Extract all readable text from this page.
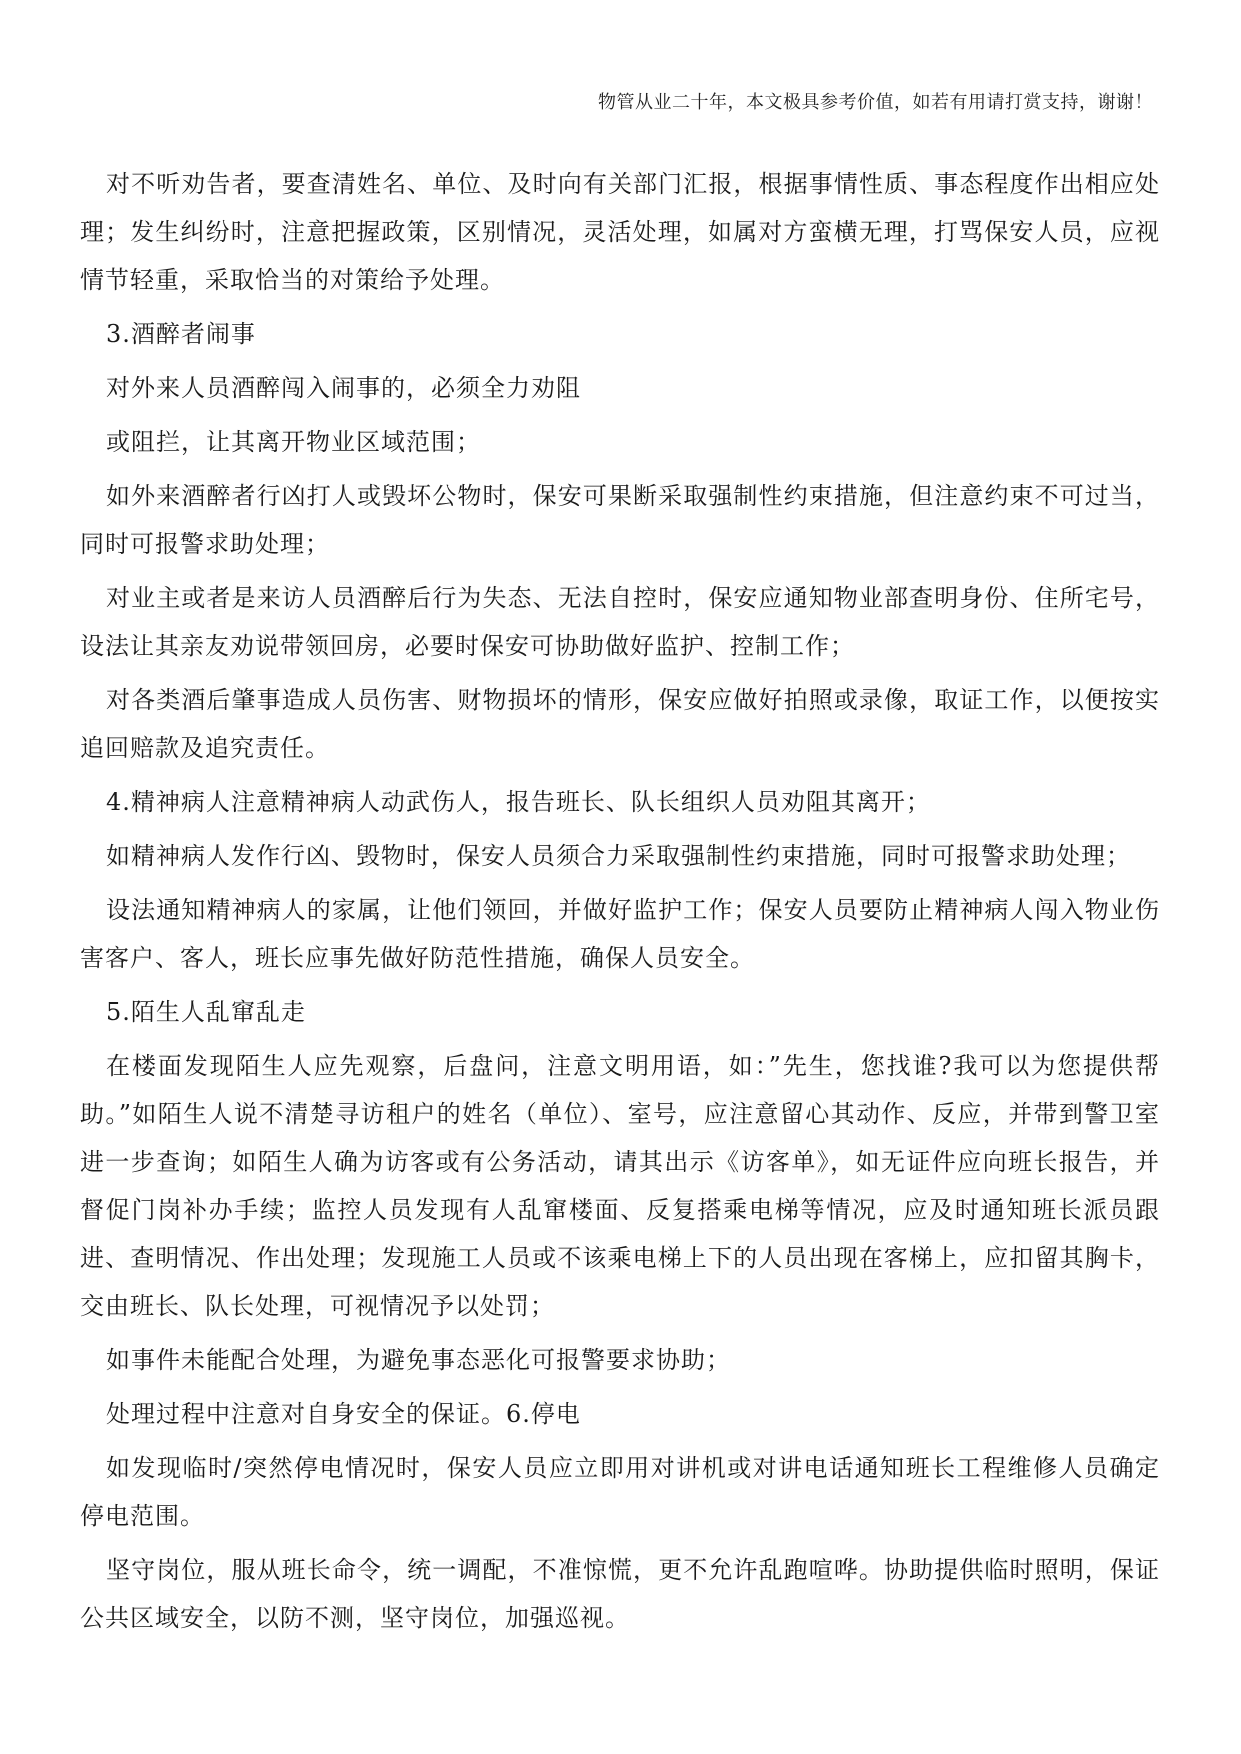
物管从业二十年，本文极具参考价值，如若有用请打赏支持，谢谢！

对不听劝告者，要查清姓名、单位、及时向有关部门汇报，根据事情性质、事态程度作出相应处理；发生纠纷时，注意把握政策，区别情况，灵活处理，如属对方蛮横无理，打骂保安人员，应视情节轻重，采取恰当的对策给予处理。

3.酒醉者闹事

对外来人员酒醉闯入闹事的，必须全力劝阻

或阻拦，让其离开物业区域范围；

如外来酒醉者行凶打人或毁坏公物时，保安可果断采取强制性约束措施，但注意约束不可过当，同时可报警求助处理；

对业主或者是来访人员酒醉后行为失态、无法自控时，保安应通知物业部查明身份、住所宅号，设法让其亲友劝说带领回房，必要时保安可协助做好监护、控制工作；

对各类酒后肇事造成人员伤害、财物损坏的情形，保安应做好拍照或录像，取证工作，以便按实追回赔款及追究责任。

4.精神病人注意精神病人动武伤人，报告班长、队长组织人员劝阻其离开；

如精神病人发作行凶、毁物时，保安人员须合力采取强制性约束措施，同时可报警求助处理；

设法通知精神病人的家属，让他们领回，并做好监护工作；保安人员要防止精神病人闯入物业伤害客户、客人，班长应事先做好防范性措施，确保人员安全。

5.陌生人乱窜乱走

在楼面发现陌生人应先观察，后盘问，注意文明用语，如：”先生，您找谁?我可以为您提供帮助。”如陌生人说不清楚寻访租户的姓名（单位）、室号，应注意留心其动作、反应，并带到警卫室进一步查询；如陌生人确为访客或有公务活动，请其出示《访客单》，如无证件应向班长报告，并督促门岗补办手续；监控人员发现有人乱窜楼面、反复搭乘电梯等情况，应及时通知班长派员跟进、查明情况、作出处理；发现施工人员或不该乘电梯上下的人员出现在客梯上，应扣留其胸卡，交由班长、队长处理，可视情况予以处罚；

如事件未能配合处理，为避免事态恶化可报警要求协助；

处理过程中注意对自身安全的保证。6.停电

如发现临时/突然停电情况时，保安人员应立即用对讲机或对讲电话通知班长工程维修人员确定停电范围。

坚守岗位，服从班长命令，统一调配，不准惊慌，更不允许乱跑喧哗。协助提供临时照明，保证公共区域安全，以防不测，坚守岗位，加强巡视。
